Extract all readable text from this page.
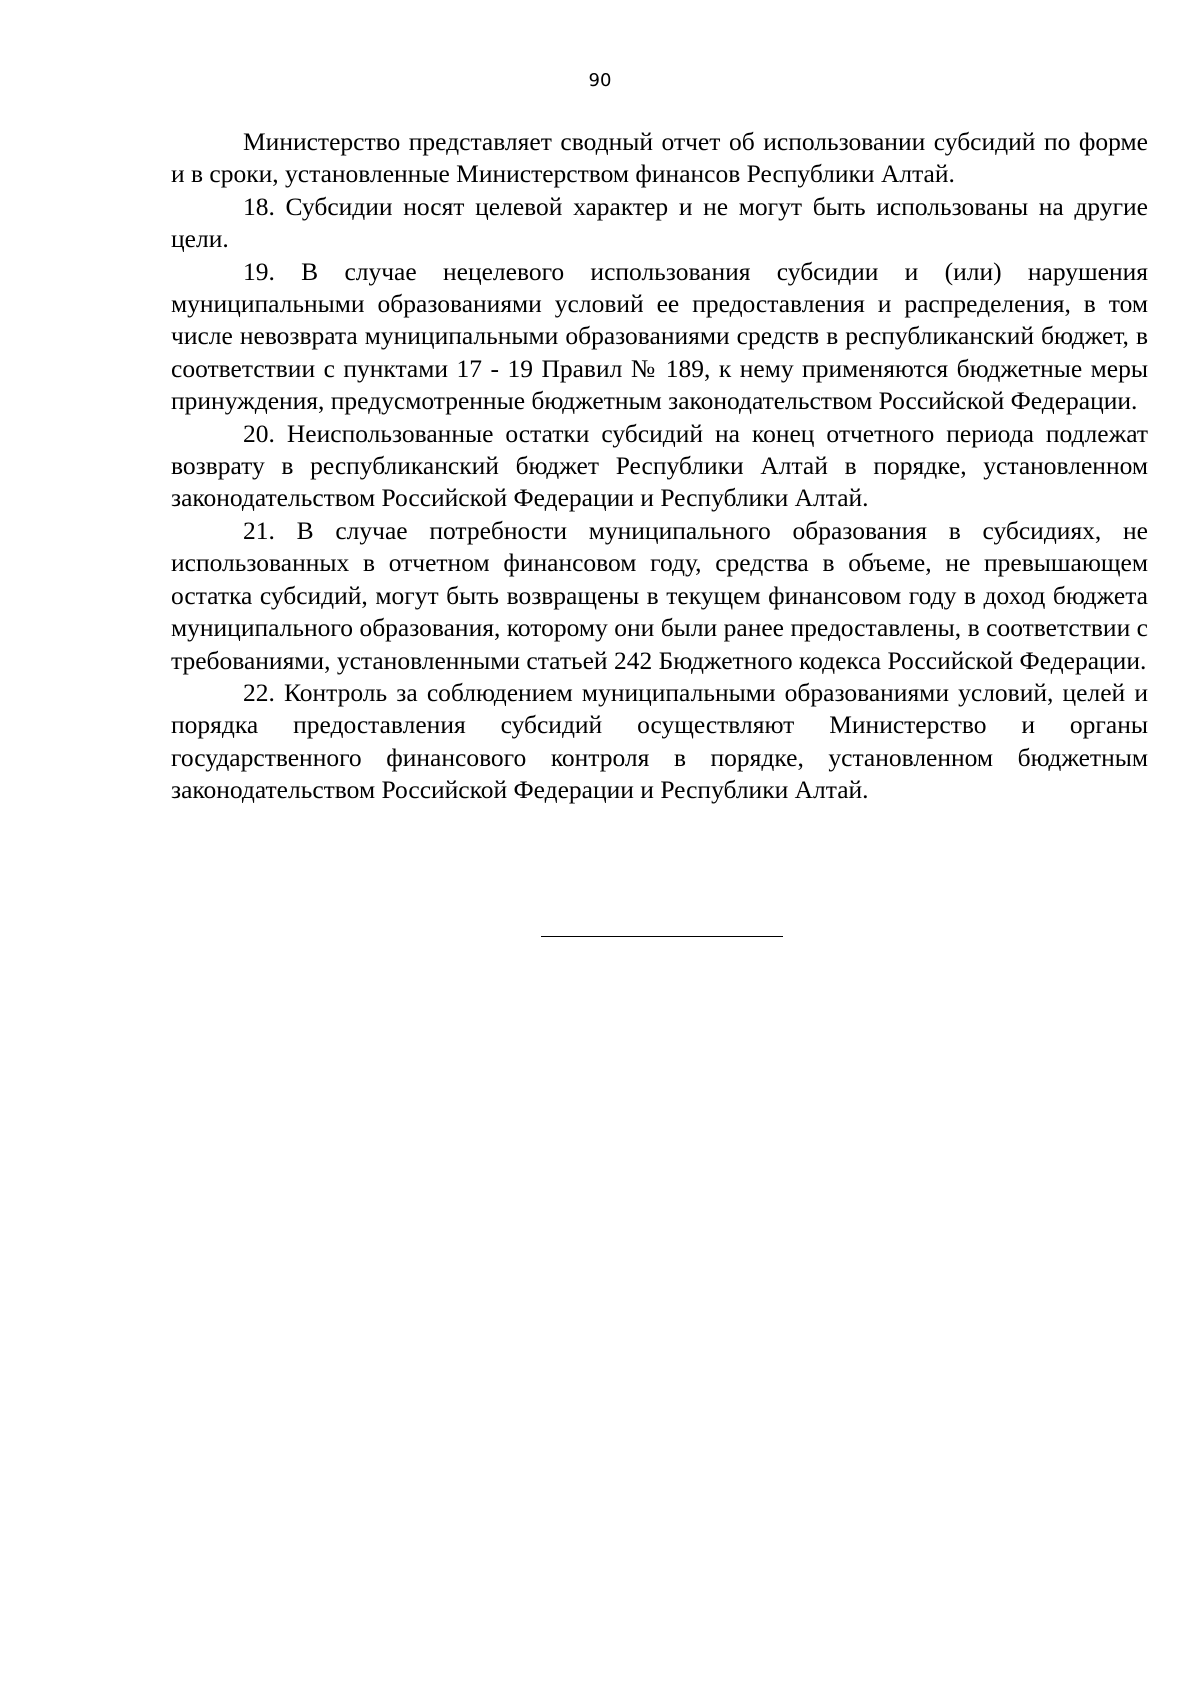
90

Министерство представляет сводный отчет об использовании субсидий по форме и в сроки, установленные Министерством финансов Республики Алтай.

18. Субсидии носят целевой характер и не могут быть использованы на другие цели.

19. В случае нецелевого использования субсидии и (или) нарушения муниципальными образованиями условий ее предоставления и распределения, в том числе невозврата муниципальными образованиями средств в республиканский бюджет, в соответствии с пунктами 17 - 19 Правил № 189, к нему применяются бюджетные меры принуждения, предусмотренные бюджетным законодательством Российской Федерации.

20. Неиспользованные остатки субсидий на конец отчетного периода подлежат возврату в республиканский бюджет Республики Алтай в порядке, установленном законодательством Российской Федерации и Республики Алтай.

21. В случае потребности муниципального образования в субсидиях, не использованных в отчетном финансовом году, средства в объеме, не превышающем остатка субсидий, могут быть возвращены в текущем финансовом году в доход бюджета муниципального образования, которому они были ранее предоставлены, в соответствии с требованиями, установленными статьей 242 Бюджетного кодекса Российской Федерации.

22. Контроль за соблюдением муниципальными образованиями условий, целей и порядка предоставления субсидий осуществляют Министерство и органы государственного финансового контроля в порядке, установленном бюджетным законодательством Российской Федерации и Республики Алтай.
